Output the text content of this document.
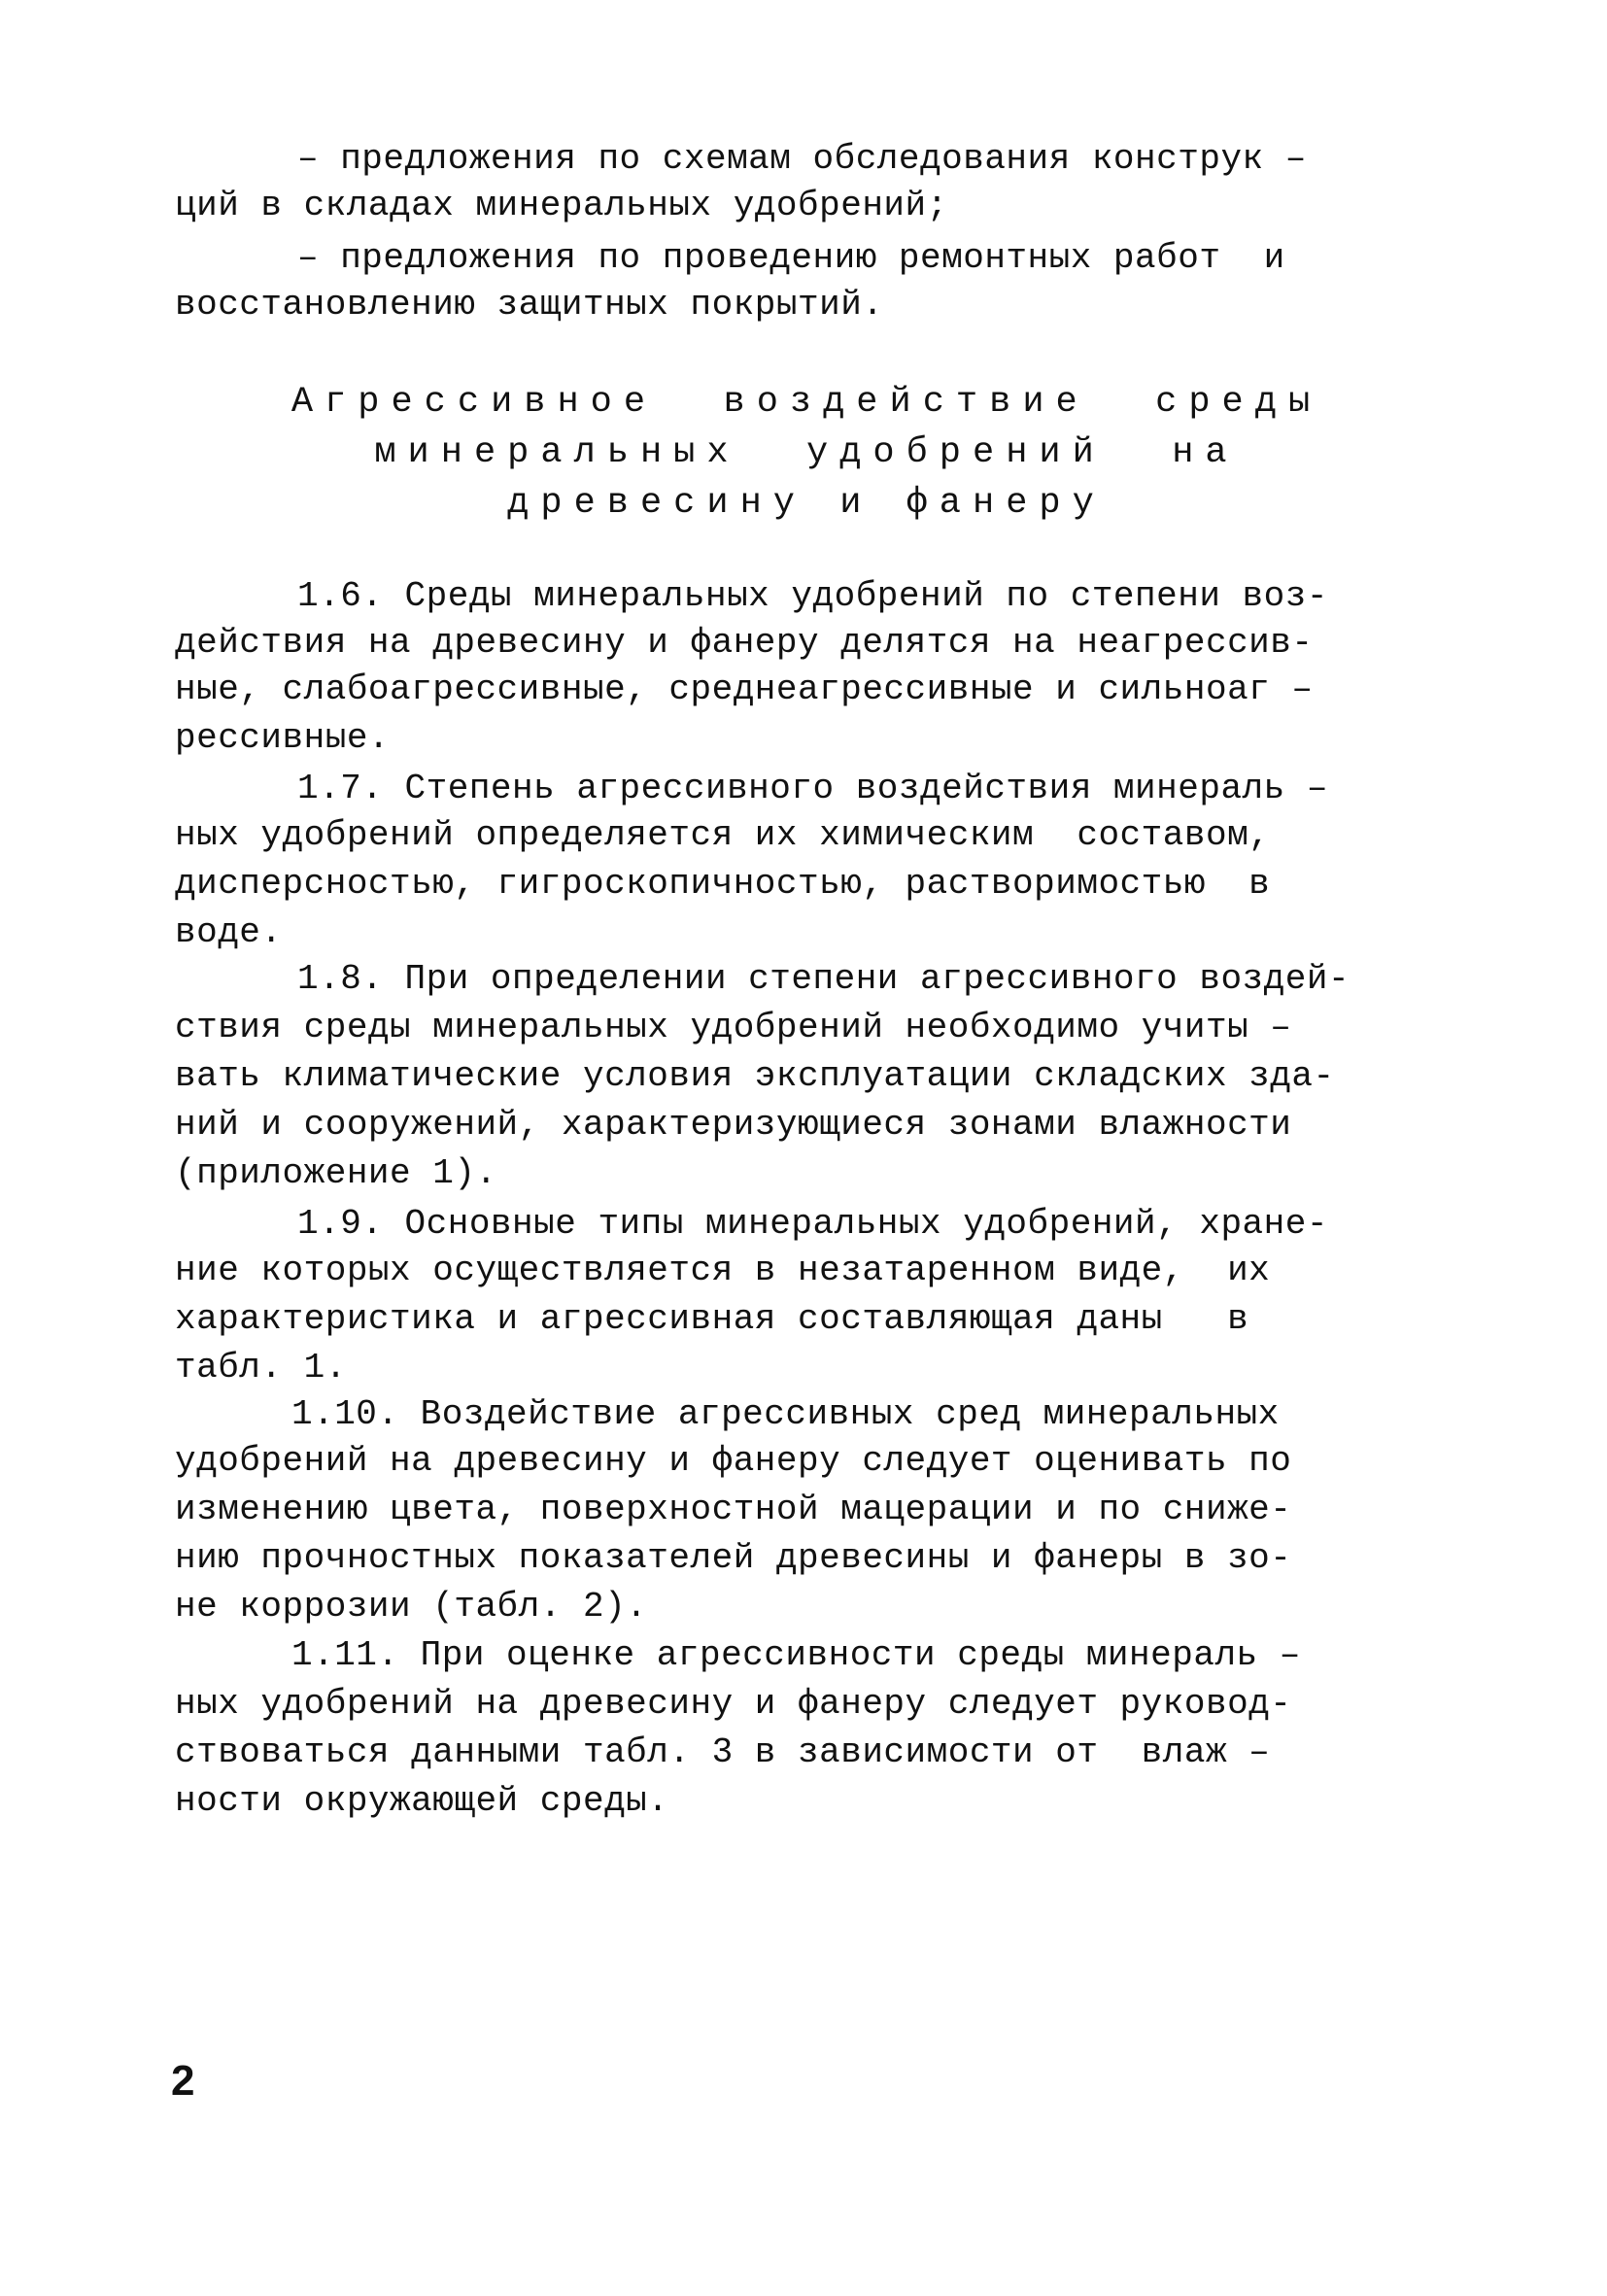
– предложения по схемам обследования конструк –
ций в складах минеральных удобрений;
– предложения по проведению ремонтных работ  и
восстановлению защитных покрытий.
Агрессивное  воздействие  среды
минеральных  удобрений  на
древесину и фанеру
1.6. Среды минеральных удобрений по степени воз-
действия на древесину и фанеру делятся на неагрессив-
ные, слабоагрессивные, среднеагрессивные и сильноаг –
рессивные.
1.7. Степень агрессивного воздействия минераль –
ных удобрений определяется их химическим  составом,
дисперсностью, гигроскопичностью, растворимостью  в
воде.
1.8. При определении степени агрессивного воздей-
ствия среды минеральных удобрений необходимо учиты –
вать климатические условия эксплуатации складских зда-
ний и сооружений, характеризующиеся зонами влажности
(приложение 1).
1.9. Основные типы минеральных удобрений, хране-
ние которых осуществляется в незатаренном виде,  их
характеристика и агрессивная составляющая даны   в
табл. 1.
1.10. Воздействие агрессивных сред минеральных
удобрений на древесину и фанеру следует оценивать по
изменению цвета, поверхностной мацерации и по сниже-
нию прочностных показателей древесины и фанеры в зо-
не коррозии (табл. 2).
1.11. При оценке агрессивности среды минераль –
ных удобрений на древесину и фанеру следует руковод-
ствоваться данными табл. 3 в зависимости от  влаж –
ности окружающей среды.
2
